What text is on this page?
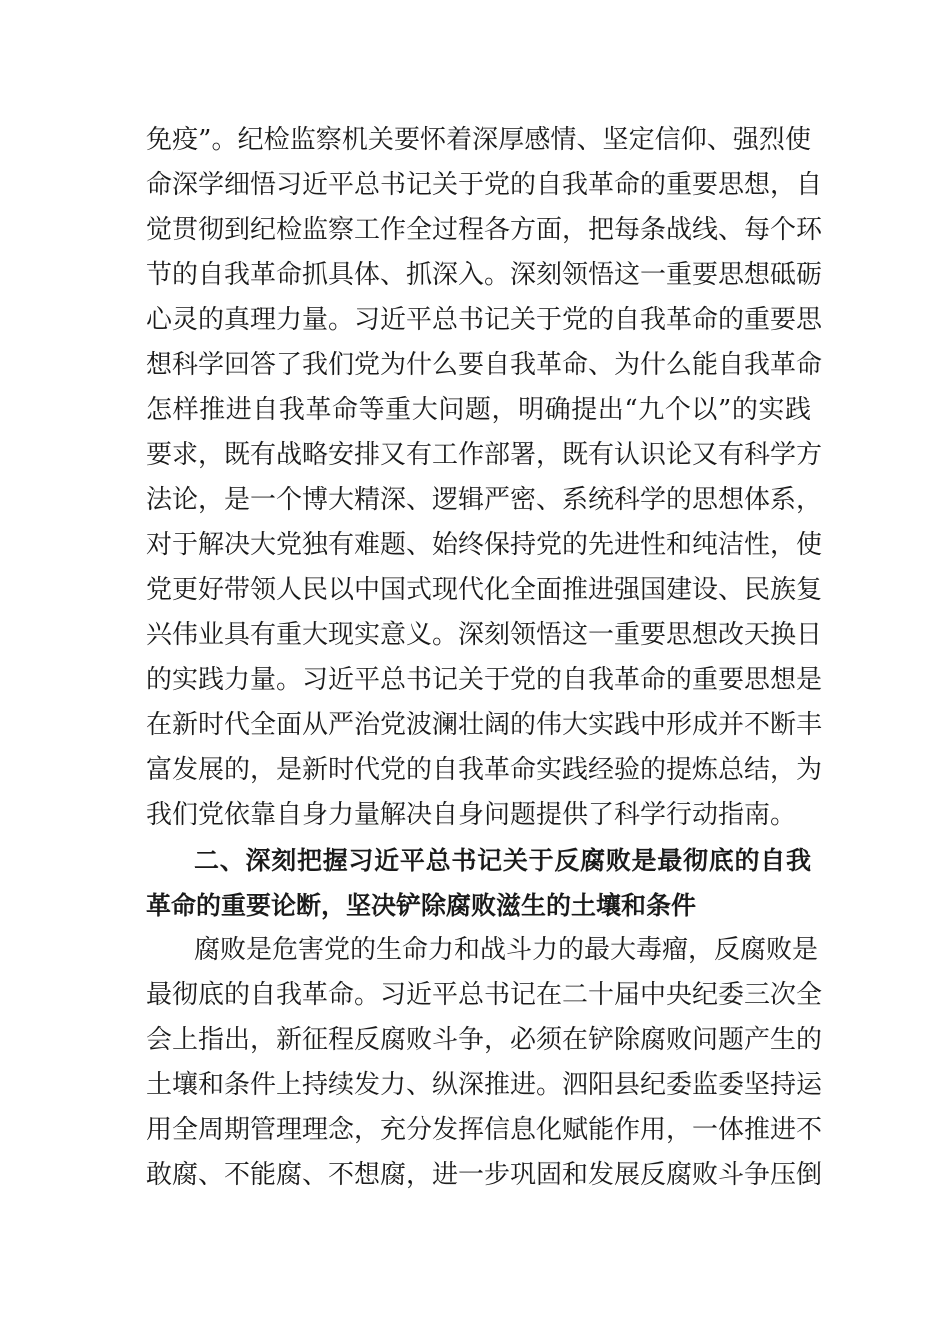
免疫”。纪检监察机关要怀着深厚感情、坚定信仰、强烈使
命深学细悟习近平总书记关于党的自我革命的重要思想，自
觉贯彻到纪检监察工作全过程各方面，把每条战线、每个环
节的自我革命抓具体、抓深入。深刻领悟这一重要思想砥砺
心灵的真理力量。习近平总书记关于党的自我革命的重要思
想科学回答了我们党为什么要自我革命、为什么能自我革命
怎样推进自我革命等重大问题，明确提出“九个以”的实践
要求，既有战略安排又有工作部署，既有认识论又有科学方
法论，是一个博大精深、逻辑严密、系统科学的思想体系，
对于解决大党独有难题、始终保持党的先进性和纯洁性，使
党更好带领人民以中国式现代化全面推进强国建设、民族复
兴伟业具有重大现实意义。深刻领悟这一重要思想改天换日
的实践力量。习近平总书记关于党的自我革命的重要思想是
在新时代全面从严治党波澜壮阔的伟大实践中形成并不断丰
富发展的，是新时代党的自我革命实践经验的提炼总结，为
我们党依靠自身力量解决自身问题提供了科学行动指南。
二、深刻把握习近平总书记关于反腐败是最彻底的自我
革命的重要论断，坚决铲除腐败滋生的土壤和条件
腐败是危害党的生命力和战斗力的最大毒瘤，反腐败是
最彻底的自我革命。习近平总书记在二十届中央纪委三次全
会上指出，新征程反腐败斗争，必须在铲除腐败问题产生的
土壤和条件上持续发力、纵深推进。泗阳县纪委监委坚持运
用全周期管理理念，充分发挥信息化赋能作用，一体推进不
敢腐、不能腐、不想腐，进一步巩固和发展反腐败斗争压倒
